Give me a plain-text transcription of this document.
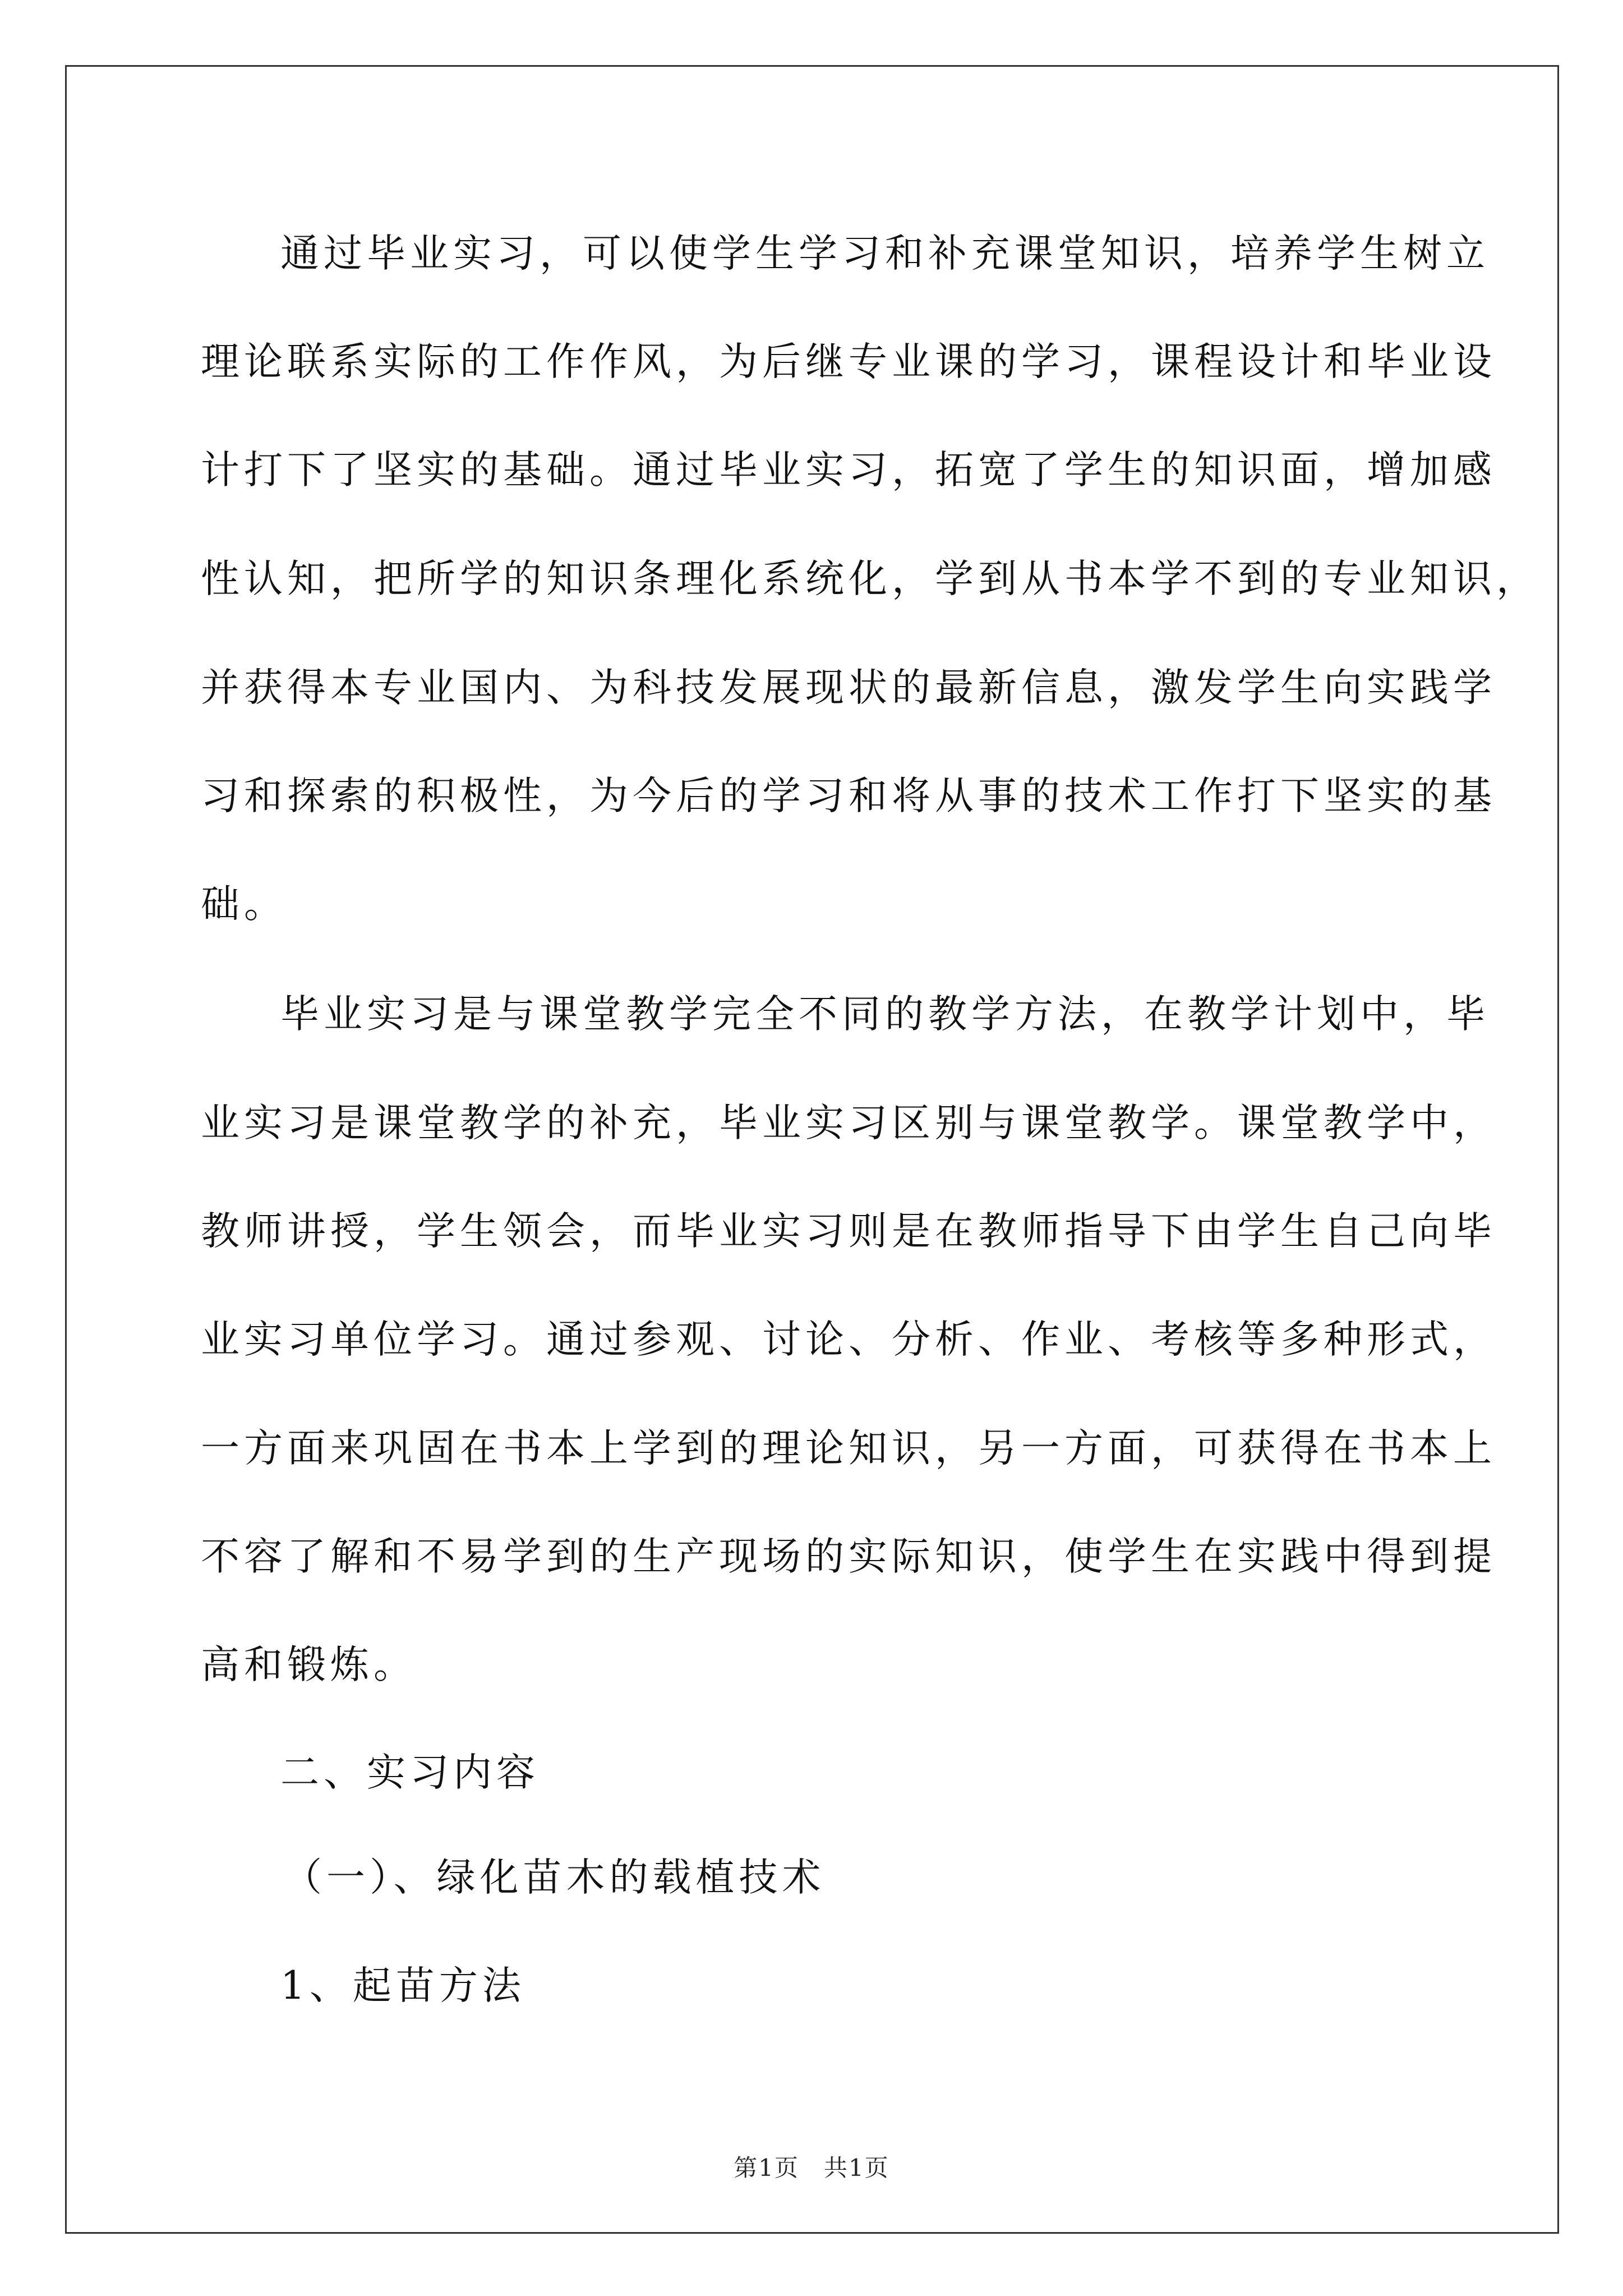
通过毕业实习，可以使学生学习和补充课堂知识，培养学生树立
理论联系实际的工作作风，为后继专业课的学习，课程设计和毕业设
计打下了坚实的基础。通过毕业实习，拓宽了学生的知识面，增加感
性认知，把所学的知识条理化系统化，学到从书本学不到的专业知识，
并获得本专业国内、为科技发展现状的最新信息，激发学生向实践学
习和探索的积极性，为今后的学习和将从事的技术工作打下坚实的基
础。
毕业实习是与课堂教学完全不同的教学方法，在教学计划中，毕
业实习是课堂教学的补充，毕业实习区别与课堂教学。课堂教学中，
教师讲授，学生领会，而毕业实习则是在教师指导下由学生自己向毕
业实习单位学习。通过参观、讨论、分析、作业、考核等多种形式，
一方面来巩固在书本上学到的理论知识，另一方面，可获得在书本上
不容了解和不易学到的生产现场的实际知识，使学生在实践中得到提
高和锻炼。
二、实习内容
（一）、绿化苗木的载植技术
1、起苗方法
第1页　共1页
